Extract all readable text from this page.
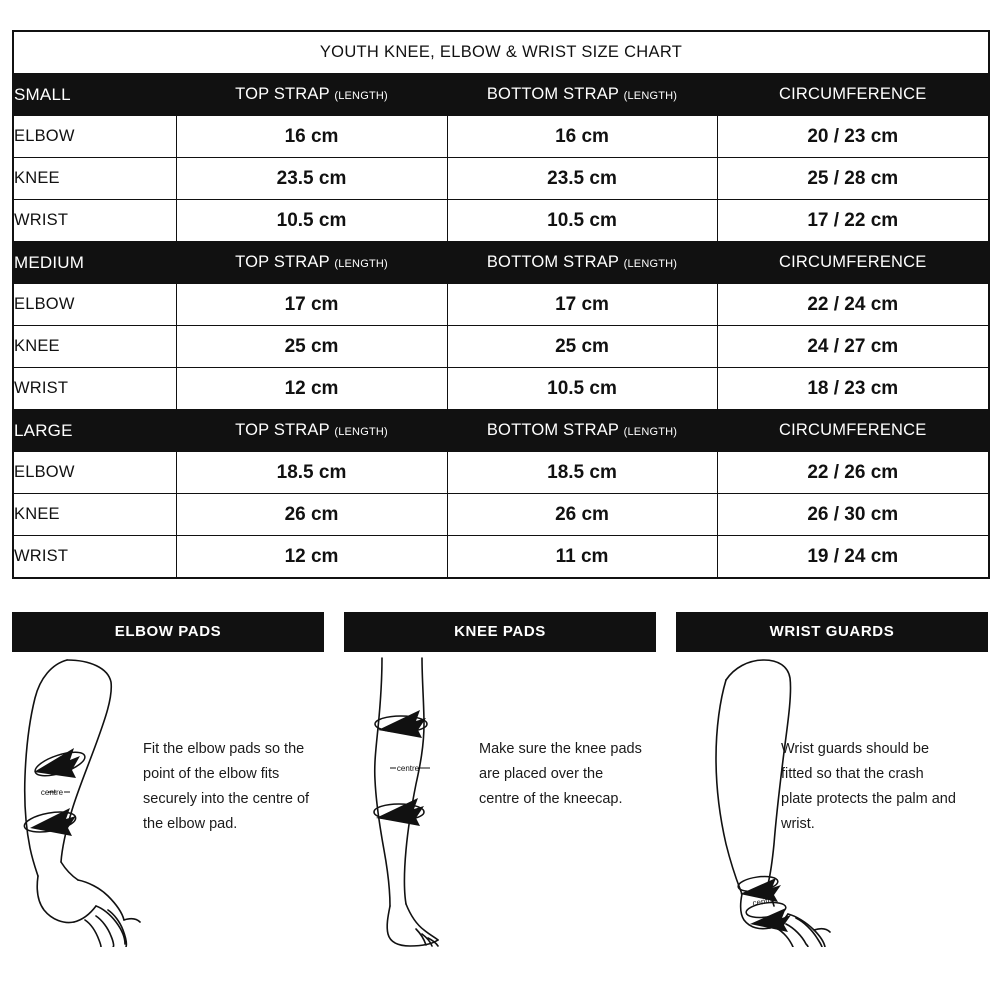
YOUTH KNEE, ELBOW & WRIST SIZE CHART			
SMALL	TOP STRAP (LENGTH)	BOTTOM STRAP (LENGTH)	CIRCUMFERENCE
ELBOW	16 cm	16 cm	20 / 23 cm
KNEE	23.5 cm	23.5 cm	25 / 28 cm
WRIST	10.5 cm	10.5 cm	17 / 22 cm
MEDIUM	TOP STRAP (LENGTH)	BOTTOM STRAP (LENGTH)	CIRCUMFERENCE
ELBOW	17 cm	17 cm	22 / 24 cm
KNEE	25 cm	25 cm	24 / 27 cm
WRIST	12 cm	10.5 cm	18 / 23 cm
LARGE	TOP STRAP (LENGTH)	BOTTOM STRAP (LENGTH)	CIRCUMFERENCE
ELBOW	18.5 cm	18.5 cm	22 / 26 cm
KNEE	26 cm	26 cm	26 / 30 cm
WRIST	12 cm	11 cm	19 / 24 cm
ELBOW PADS
centre
Fit the elbow pads so the point of the elbow fits securely into the centre of the elbow pad.
KNEE PADS
centre
Make sure the knee pads are placed over the centre of the kneecap.
WRIST GUARDS
centre
Wrist guards should be fitted so that the crash plate protects the palm and wrist.
